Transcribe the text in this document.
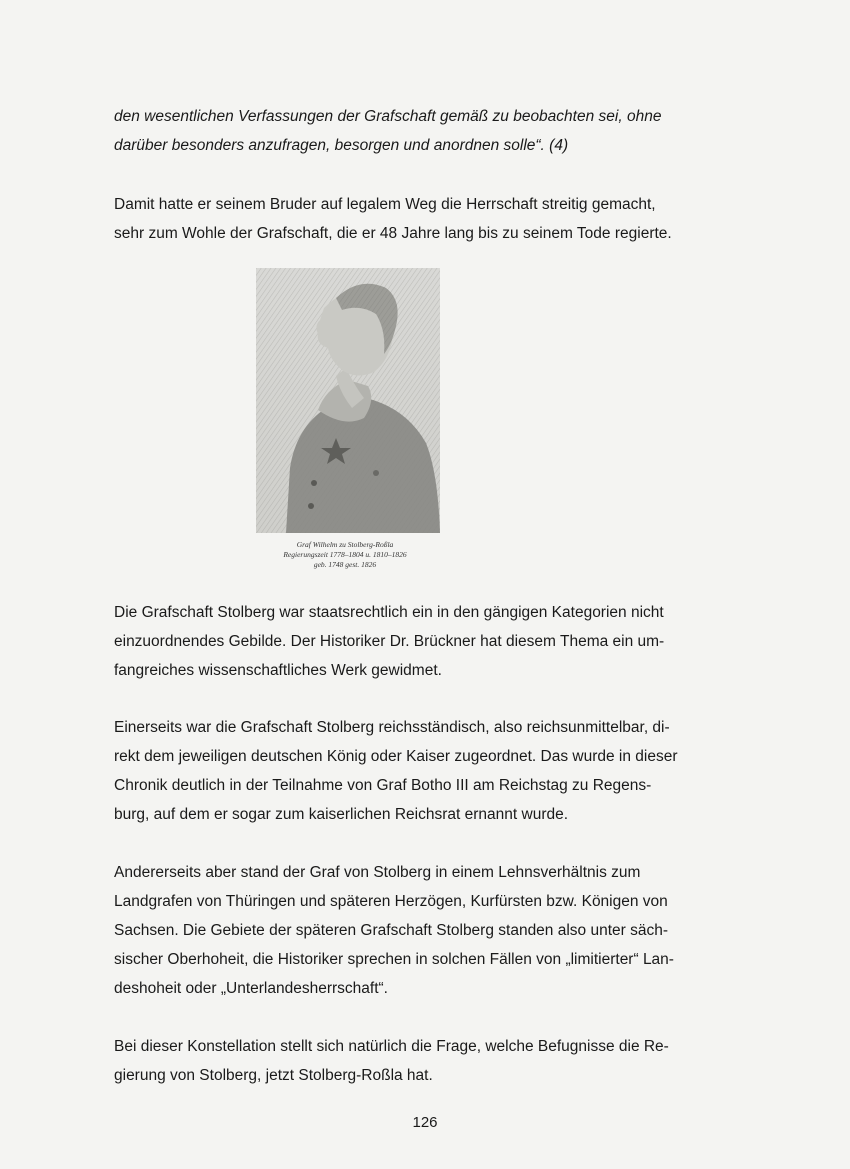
den wesentlichen Verfassungen der Grafschaft gemäß zu beobachten sei, ohne
darüber besonders anzufragen, besorgen und anordnen solle“. (4)

Damit hatte er seinem Bruder auf legalem Weg die Herrschaft streitig gemacht,
sehr zum Wohle der Grafschaft, die er 48 Jahre lang bis zu seinem Tode regierte.

Graf Wilhelm zu Stolberg-Roßla
Regierungszeit 1778–1804 u. 1810–1826
geb. 1748 gest. 1826

Die Grafschaft Stolberg war staatsrechtlich ein in den gängigen Kategorien nicht
einzuordnendes Gebilde. Der Historiker Dr. Brückner hat diesem Thema ein um-
fangreiches wissenschaftliches Werk gewidmet.

Einerseits war die Grafschaft Stolberg reichsständisch, also reichsunmittelbar, di-
rekt dem jeweiligen deutschen König oder Kaiser zugeordnet. Das wurde in dieser
Chronik deutlich in der Teilnahme von Graf Botho III am Reichstag zu Regens-
burg, auf dem er sogar zum kaiserlichen Reichsrat ernannt wurde.

Andererseits aber stand der Graf von Stolberg in einem Lehnsverhältnis zum
Landgrafen von Thüringen und späteren Herzögen, Kurfürsten bzw. Königen von
Sachsen. Die Gebiete der späteren Grafschaft Stolberg standen also unter säch-
sischer Oberhoheit, die Historiker sprechen in solchen Fällen von „limitierter“ Lan-
deshoheit oder „Unterlandesherrschaft“.

Bei dieser Konstellation stellt sich natürlich die Frage, welche Befugnisse die Re-
gierung von Stolberg, jetzt Stolberg-Roßla hat.

126
